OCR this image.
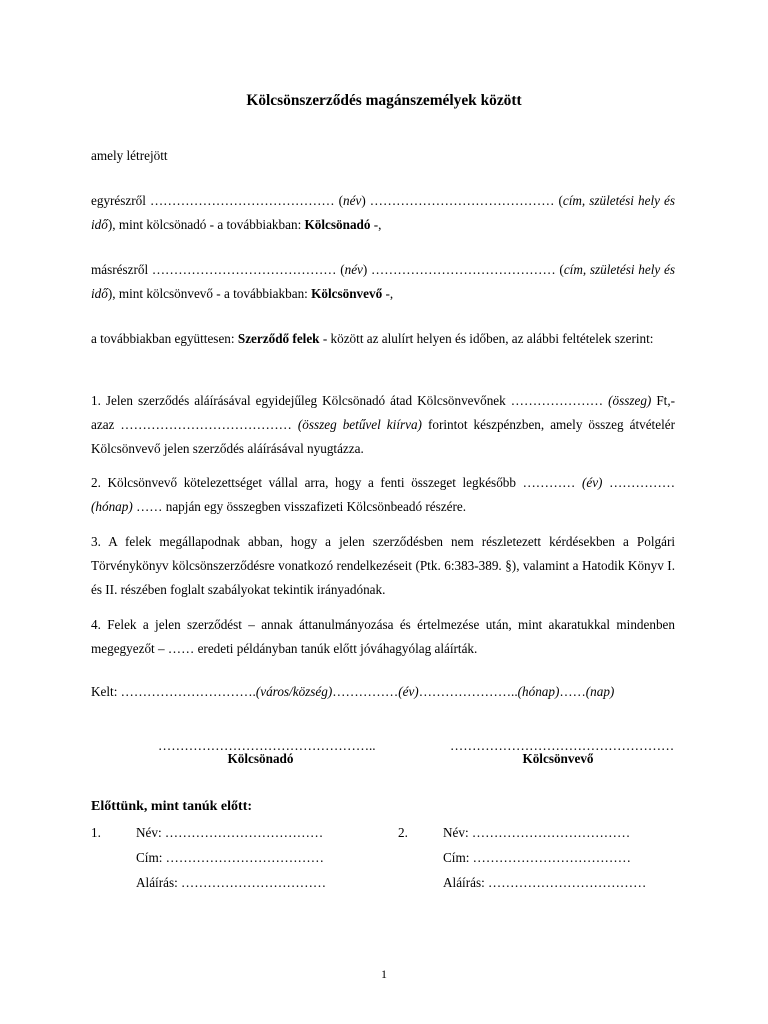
Kölcsönszerződés magánszemélyek között

amely létrejött

egyrészről …………………………………… (név) …………………………………… (cím, születési hely és idő), mint kölcsönadó - a továbbiakban: Kölcsönadó -,

másrészről …………………………………… (név) …………………………………… (cím, születési hely és idő), mint kölcsönvevő - a továbbiakban: Kölcsönvevő -,

a továbbiakban együttesen: Szerződő felek - között az alulírt helyen és időben, az alábbi feltételek szerint:

1. Jelen szerződés aláírásával egyidejűleg Kölcsönadó átad Kölcsönvevőnek ………………… (összeg) Ft,- azaz ………………………………… (összeg betűvel kiírva) forintot készpénzben, amely összeg átvételér Kölcsönvevő jelen szerződés aláírásával nyugtázza.

2. Kölcsönvevő kötelezettséget vállal arra, hogy a fenti összeget legkésőbb ………… (év) …………… (hónap) …… napján egy összegben visszafizeti Kölcsönbeadó részére.

3. A felek megállapodnak abban, hogy a jelen szerződésben nem részletezett kérdésekben a Polgári Törvénykönyv kölcsönszerződésre vonatkozó rendelkezéseit (Ptk. 6:383-389. §), valamint a Hatodik Könyv I. és II. részében foglalt szabályokat tekintik irányadónak.

4. Felek a jelen szerződést – annak áttanulmányozása és értelmezése után, mint akaratukkal mindenben megegyezőt – …… eredeti példányban tanúk előtt jóváhagyólag aláírták.

Kelt: ………………………….(város/község)……………(év)…………………..(hónap)……(nap)

…………………………………………..
Kölcsönadó
……………………………………………
Kölcsönvevő
Előttünk, mint tanúk előtt:
1.	Név: ………………………………
Cím: ………………………………
Aláírás: ……………………………
2.	Név: ………………………………
Cím: ………………………………
Aláírás: ………………………………
1
